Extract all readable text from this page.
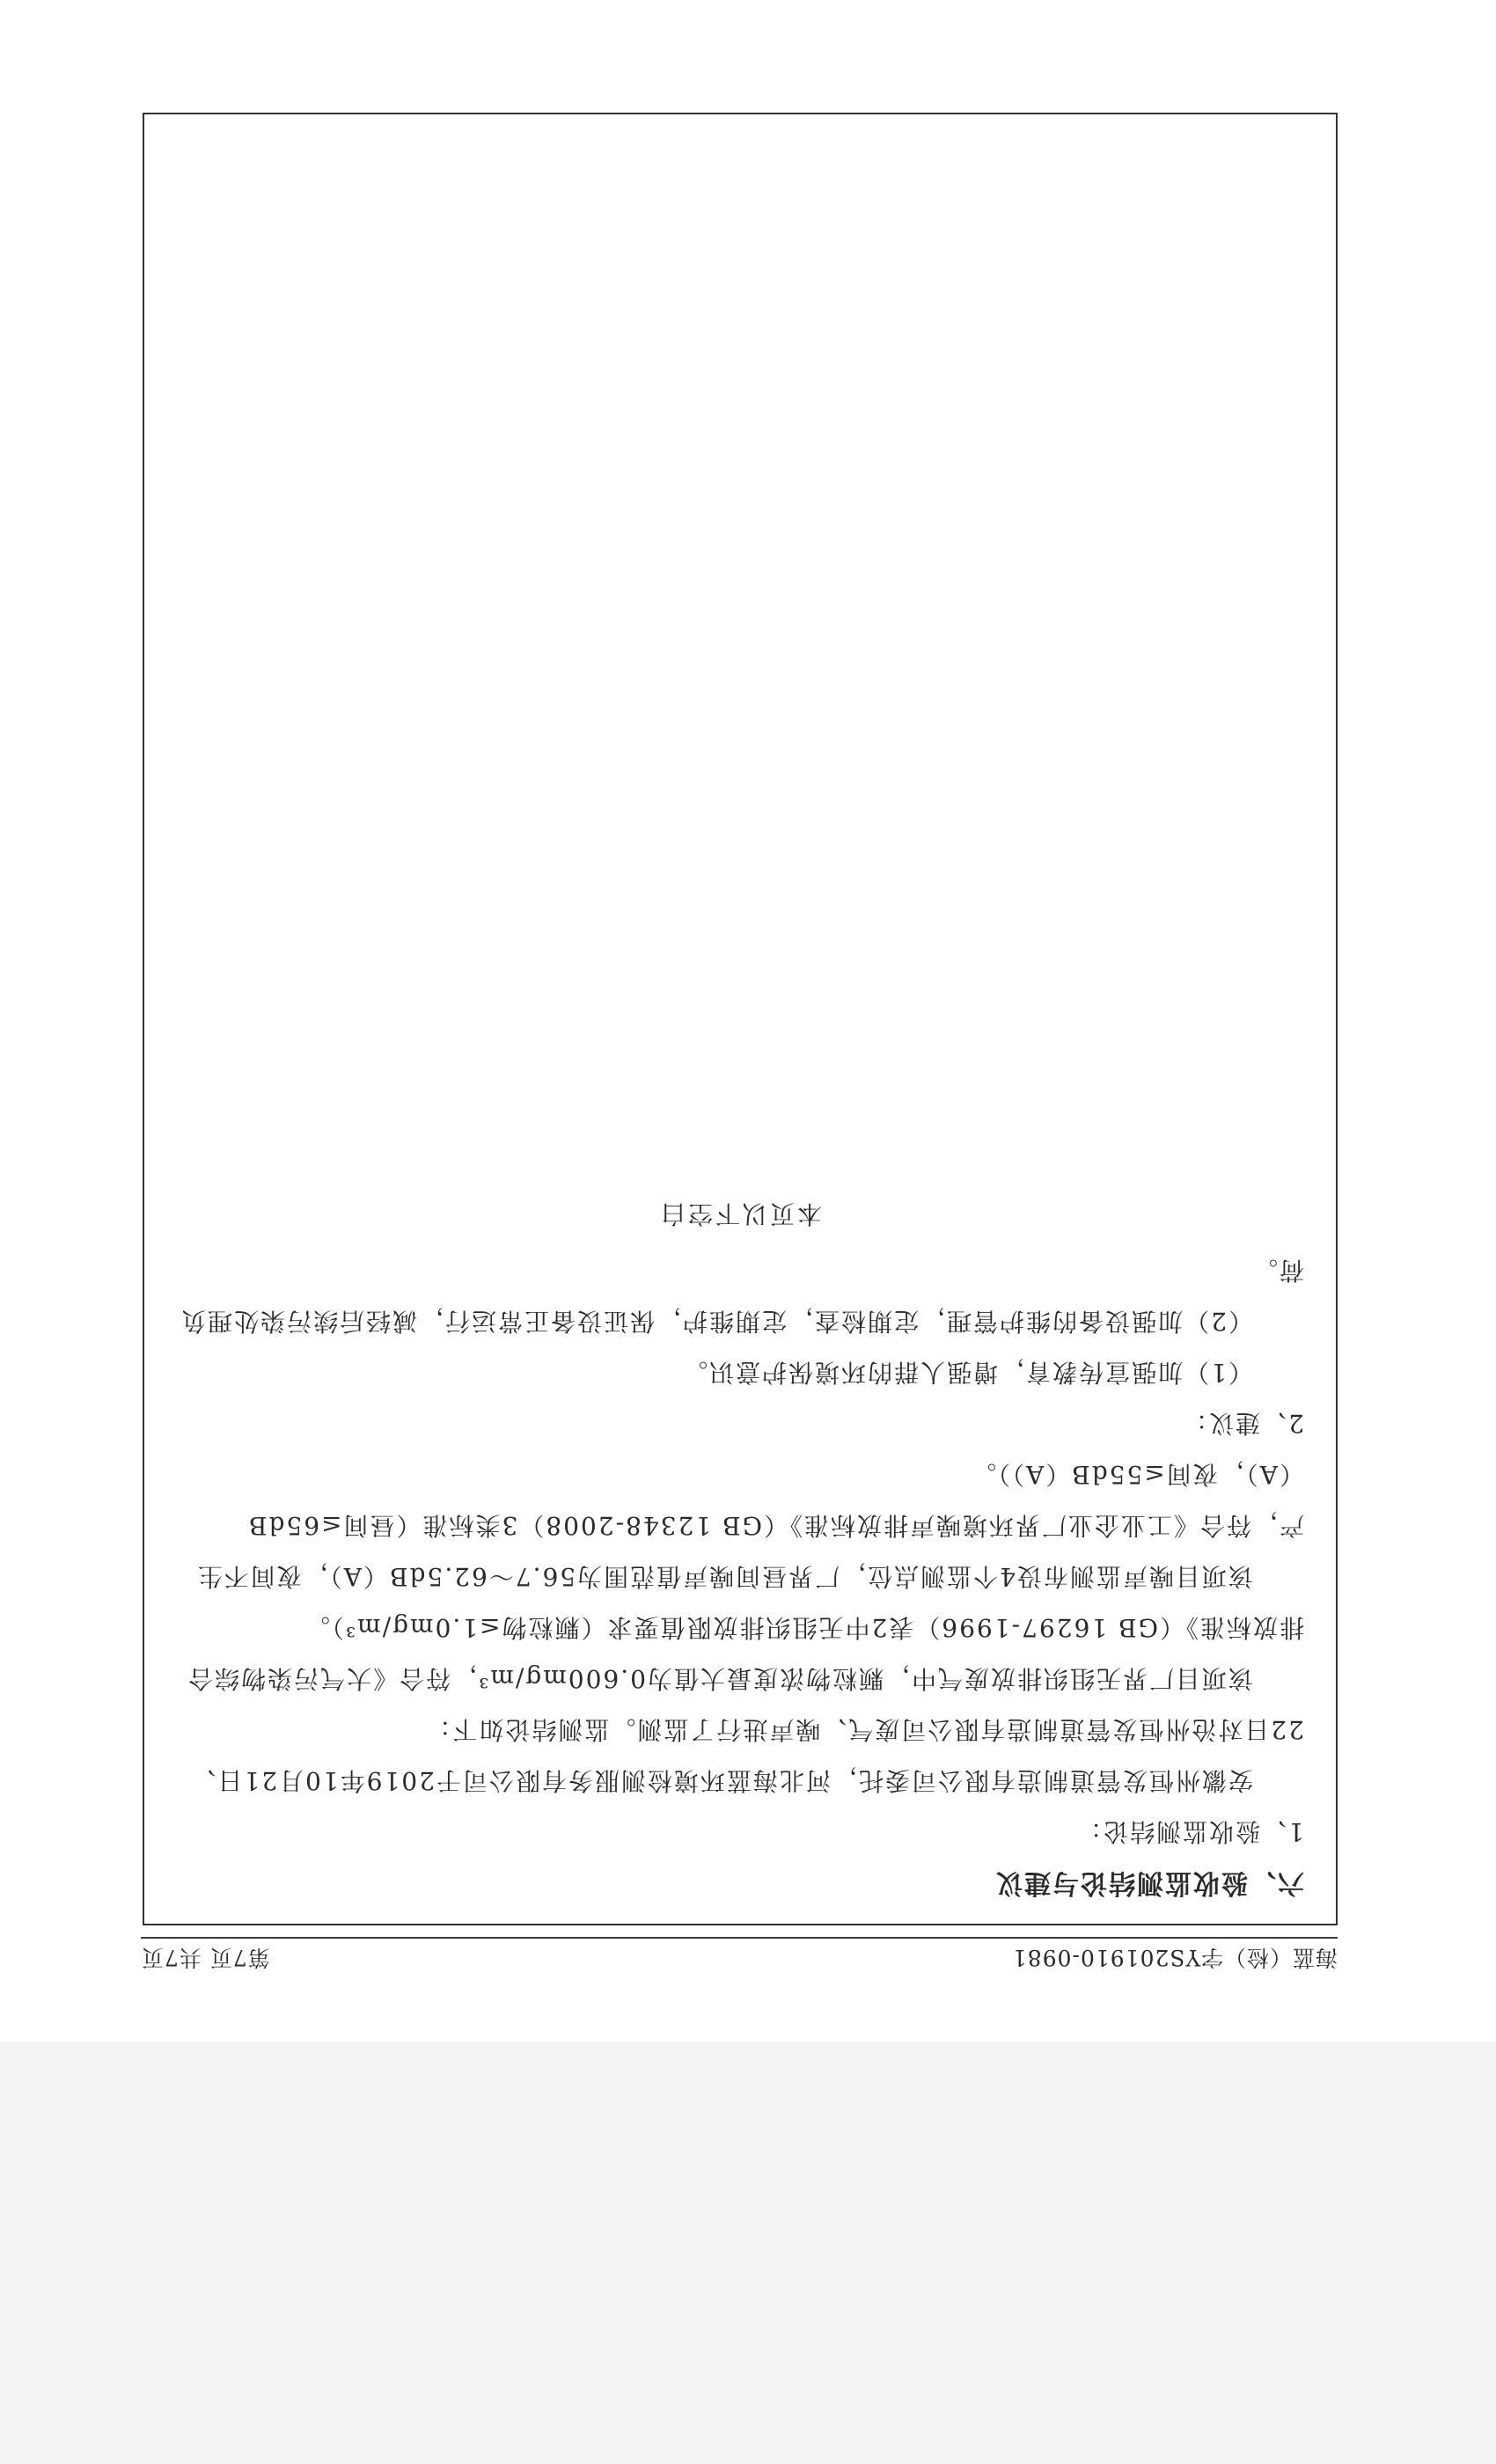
海蓝（检）字YS201910-0981
第7页 共7页

六、验收监测结论与建议

1、验收监测结论：

安徽州恒发管道制造有限公司委托，河北海蓝环境检测服务有限公司于2019年10月21日、22日对沧州恒发管道制造有限公司废气、噪声进行了监测。监测结论如下：

该项目厂界无组织排放废气中，颗粒物浓度最大值为0.600mg/m³，符合《大气污染物综合排放标准》（GB 16297-1996）表2中无组织排放限值要求（颗粒物≤1.0mg/m³）。

该项目噪声监测布设4个监测点位，厂界昼间噪声值范围为56.7～62.5dB（A），夜间不生产，符合《工业企业厂界环境噪声排放标准》（GB 12348-2008）3类标准（昼间≤65dB（A），夜间≤55dB（A））。

2、建议：

（1）加强宣传教育，增强人群的环境保护意识。

（2）加强设备的维护管理，定期检查，定期维护，保证设备正常运行，减轻后续污染处理负荷。

本页以下空白
